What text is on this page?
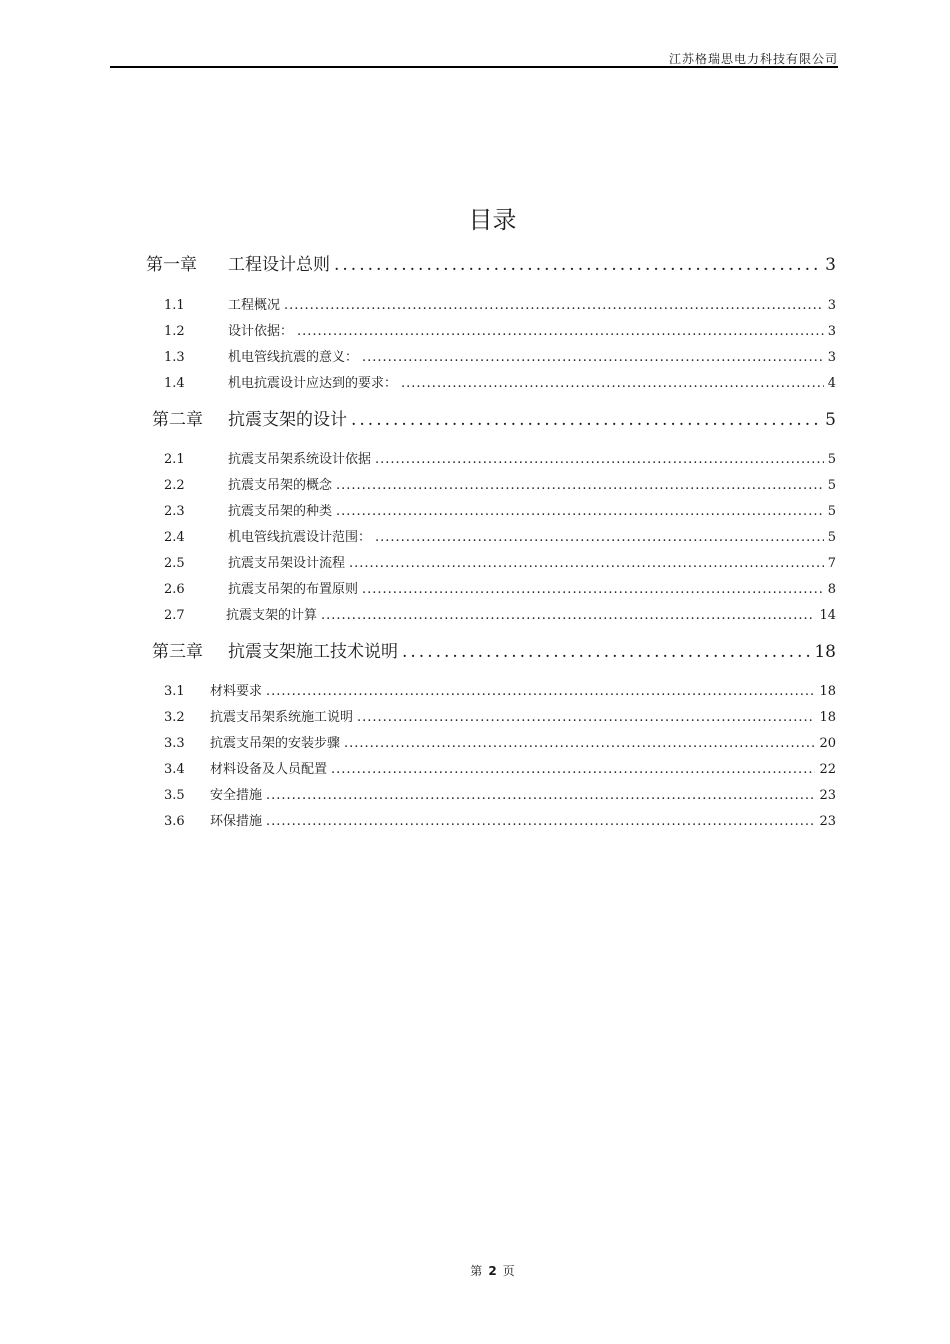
江苏格瑞思电力科技有限公司
目录
第一章	工程设计总则 .....	3
1.1	工程概况 .....	3
1.2	设计依据： .....	3
1.3	机电管线抗震的意义： .....	3
1.4	机电抗震设计应达到的要求： .....	4
第二章	抗震支架的设计 .....	5
2.1	抗震支吊架系统设计依据 .....	5
2.2	抗震支吊架的概念 .....	5
2.3	抗震支吊架的种类 .....	5
2.4	机电管线抗震设计范围： .....	5
2.5	抗震支吊架设计流程 .....	7
2.6	抗震支吊架的布置原则 .....	8
2.7	抗震支架的计算 .....	14
第三章	抗震支架施工技术说明 .....	18
3.1	材料要求 .....	18
3.2	抗震支吊架系统施工说明 .....	18
3.3	抗震支吊架的安装步骤 .....	20
3.4	材料设备及人员配置 .....	22
3.5	安全措施 .....	23
3.6	环保措施 .....	23
第 2 页
